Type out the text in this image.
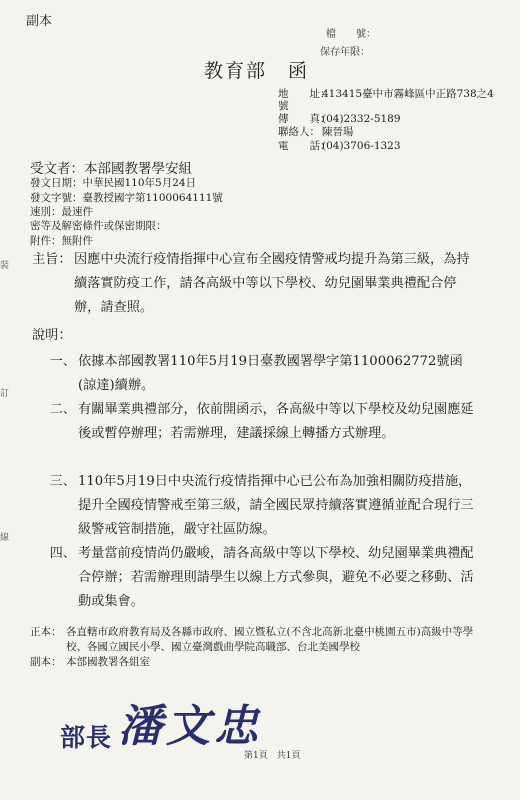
副本
檔　　號：
保存年限：
教育部　函
地　　址：413415臺中市霧峰區中正路738之4
號
傳　　真：(04)2332-5189
聯絡人： 陳晉瑒
電　　話：(04)3706-1323
受文者：本部國教署學安組
發文日期：中華民國110年5月24日
發文字號：臺教授國字第1100064111號
速別：最速件
密等及解密條件或保密期限：
附件：無附件
裝
訂
線
主旨： 因應中央流行疫情指揮中心宣布全國疫情警戒均提升為第三級，為持續落實防疫工作，請各高級中等以下學校、幼兒園畢業典禮配合停辦，請查照。
說明：
一、 依據本部國教署110年5月19日臺教國署學字第1100062772號函(諒達)續辦。
二、 有關畢業典禮部分，依前開函示，各高級中等以下學校及幼兒園應延後或暫停辦理；若需辦理，建議採線上轉播方式辦理。
三、 110年5月19日中央流行疫情指揮中心已公布為加強相關防疫措施，提升全國疫情警戒至第三級，請全國民眾持續落實遵循並配合現行三級警戒管制措施，嚴守社區防線。
四、 考量當前疫情尚仍嚴峻，請各高級中等以下學校、幼兒園畢業典禮配合停辦；若需辦理則請學生以線上方式參與，避免不必要之移動、活動或集會。
正本： 各直轄市政府教育局及各縣市政府、國立暨私立(不含北高新北臺中桃園五市)高級中等學校、各國立國民小學、國立臺灣戲曲學院高職部、台北美國學校
副本： 本部國教署各組室
部長 潘文忠
第1頁　共1頁
